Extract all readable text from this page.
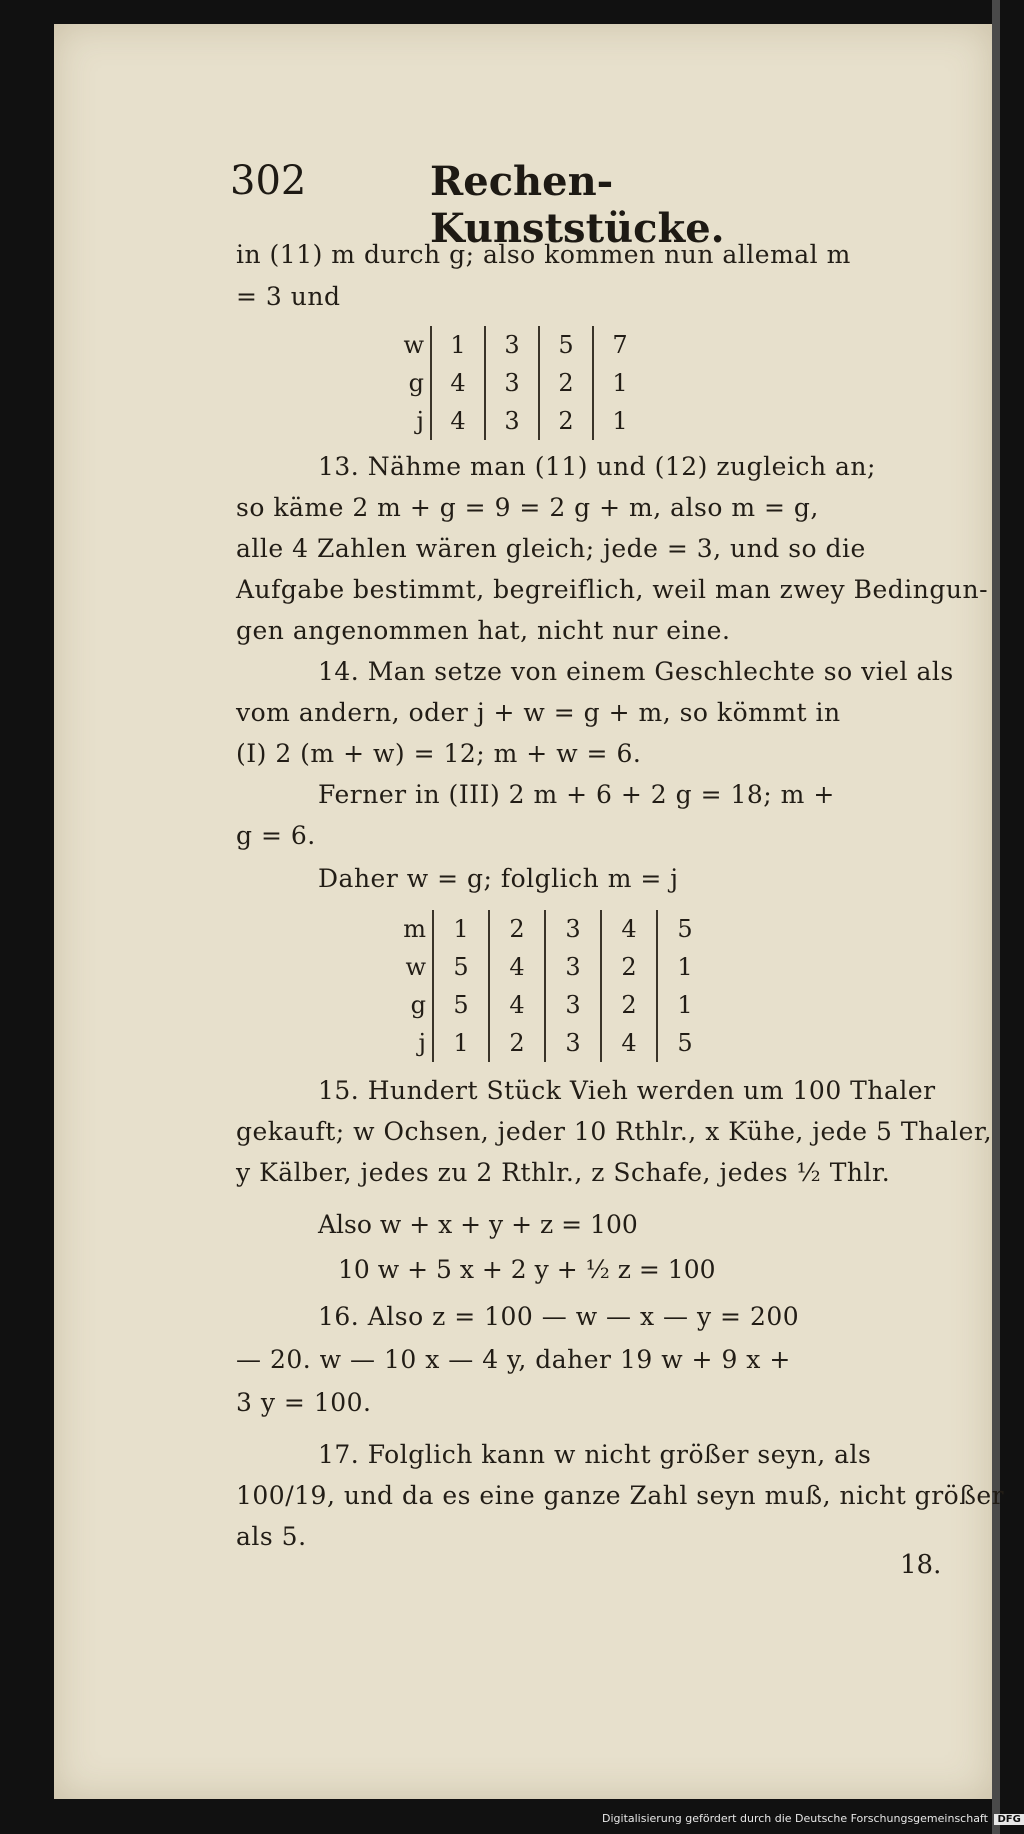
302	Rechen-Kunststücke.
in (11) m durch g; also kommen nun allemal m
= 3 und
w	1	3	5	7
g	4	3	2	1
j	4	3	2	1
13. Nähme man (11) und (12) zugleich an;
so käme 2 m + g = 9 = 2 g + m, also m = g,
alle 4 Zahlen wären gleich; jede = 3, und so die
Aufgabe bestimmt, begreiflich, weil man zwey Bedingun-
gen angenommen hat, nicht nur eine.
14. Man setze von einem Geschlechte so viel als
vom andern, oder j + w = g + m, so kömmt in
(I) 2 (m + w) = 12; m + w = 6.
Ferner in (III) 2 m + 6 + 2 g = 18; m +
g = 6.
Daher w = g; folglich m = j
m	1	2	3	4	5
w	5	4	3	2	1
g	5	4	3	2	1
j	1	2	3	4	5
15. Hundert Stück Vieh werden um 100 Thaler
gekauft; w Ochsen, jeder 10 Rthlr., x Kühe, jede 5 Thaler,
y Kälber, jedes zu 2 Rthlr., z Schafe, jedes ½ Thlr.
Also w + x + y + z = 100
10 w + 5 x + 2 y + ½ z = 100
16. Also z = 100 — w — x — y = 200
— 20. w — 10 x — 4 y, daher 19 w + 9 x +
3 y = 100.
17. Folglich kann w nicht größer seyn, als
100/19, und da es eine ganze Zahl seyn muß, nicht größer
als 5.
18.
Digitalisierung gefördert durch die Deutsche Forschungsgemeinschaft DFG
